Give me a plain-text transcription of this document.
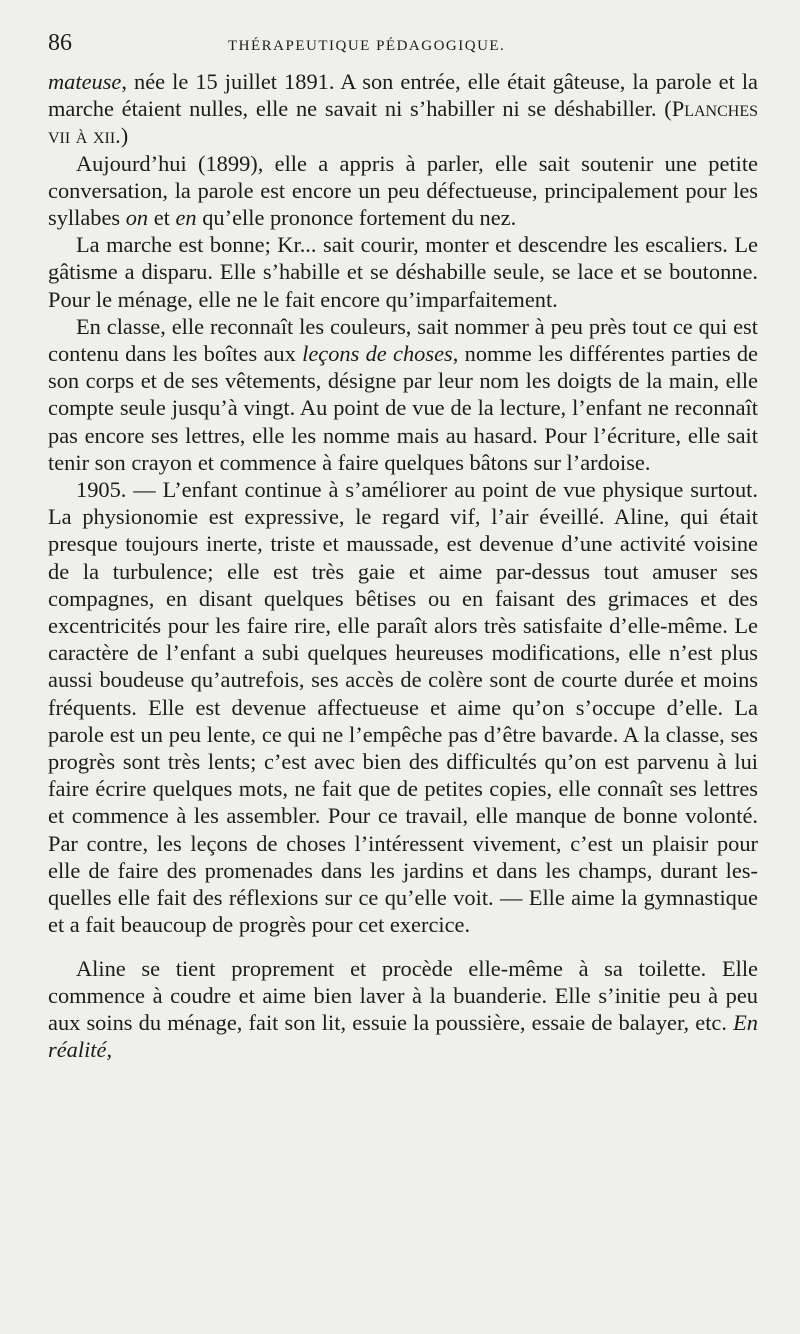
86	THÉRAPEUTIQUE PÉDAGOGIQUE.

mateuse, née le 15 juillet 1891. A son entrée, elle était gâteuse, la parole et la marche étaient nulles, elle ne savait ni s’habiller ni se déshabiller. (Planches vii à xii.)

Aujourd’hui (1899), elle a appris à parler, elle sait soutenir une petite conversation, la parole est encore un peu défectueuse, principalement pour les syllabes on et en qu’elle prononce fortement du nez.

La marche est bonne; Kr... sait courir, monter et descendre les escaliers. Le gâtisme a disparu. Elle s’habille et se déshabille seule, se lace et se boutonne. Pour le ménage, elle ne le fait encore qu’imparfaitement.

En classe, elle reconnaît les couleurs, sait nommer à peu près tout ce qui est contenu dans les boîtes aux leçons de choses, nomme les différentes parties de son corps et de ses vêtements, désigne par leur nom les doigts de la main, elle compte seule jusqu’à vingt. Au point de vue de la lecture, l’enfant ne reconnaît pas encore ses lettres, elle les nomme mais au hasard. Pour l’écriture, elle sait tenir son crayon et commence à faire quelques bâtons sur l’ardoise.

1905. — L’enfant continue à s’améliorer au point de vue physique surtout. La physionomie est expressive, le regard vif, l’air éveillé. Aline, qui était presque toujours inerte, triste et maussade, est devenue d’une activité voisine de la turbulence; elle est très gaie et aime par-dessus tout amuser ses compagnes, en disant quelques bêtises ou en faisant des grimaces et des excentricités pour les faire rire, elle paraît alors très satisfaite d’elle-même. Le caractère de l’enfant a subi quelques heureuses modifications, elle n’est plus aussi boudeuse qu’autrefois, ses accès de colère sont de courte durée et moins fréquents. Elle est devenue affectueuse et aime qu’on s’occupe d’elle. La parole est un peu lente, ce qui ne l’empêche pas d’être bavarde. A la classe, ses progrès sont très lents; c’est avec bien des difficultés qu’on est parvenu à lui faire écrire quelques mots, ne fait que de petites copies, elle connaît ses lettres et commence à les assembler. Pour ce travail, elle manque de bonne volonté. Par contre, les leçons de choses l’intéressent vivement, c’est un plaisir pour elle de faire des promenades dans les jardins et dans les champs, durant lesquelles elle fait des réflexions sur ce qu’elle voit. — Elle aime la gymnastique et a fait beaucoup de progrès pour cet exercice.

Aline se tient proprement et procède elle-même à sa toilette. Elle commence à coudre et aime bien laver à la buanderie. Elle s’initie peu à peu aux soins du ménage, fait son lit, essuie la poussière, essaie de balayer, etc. En réalité,
